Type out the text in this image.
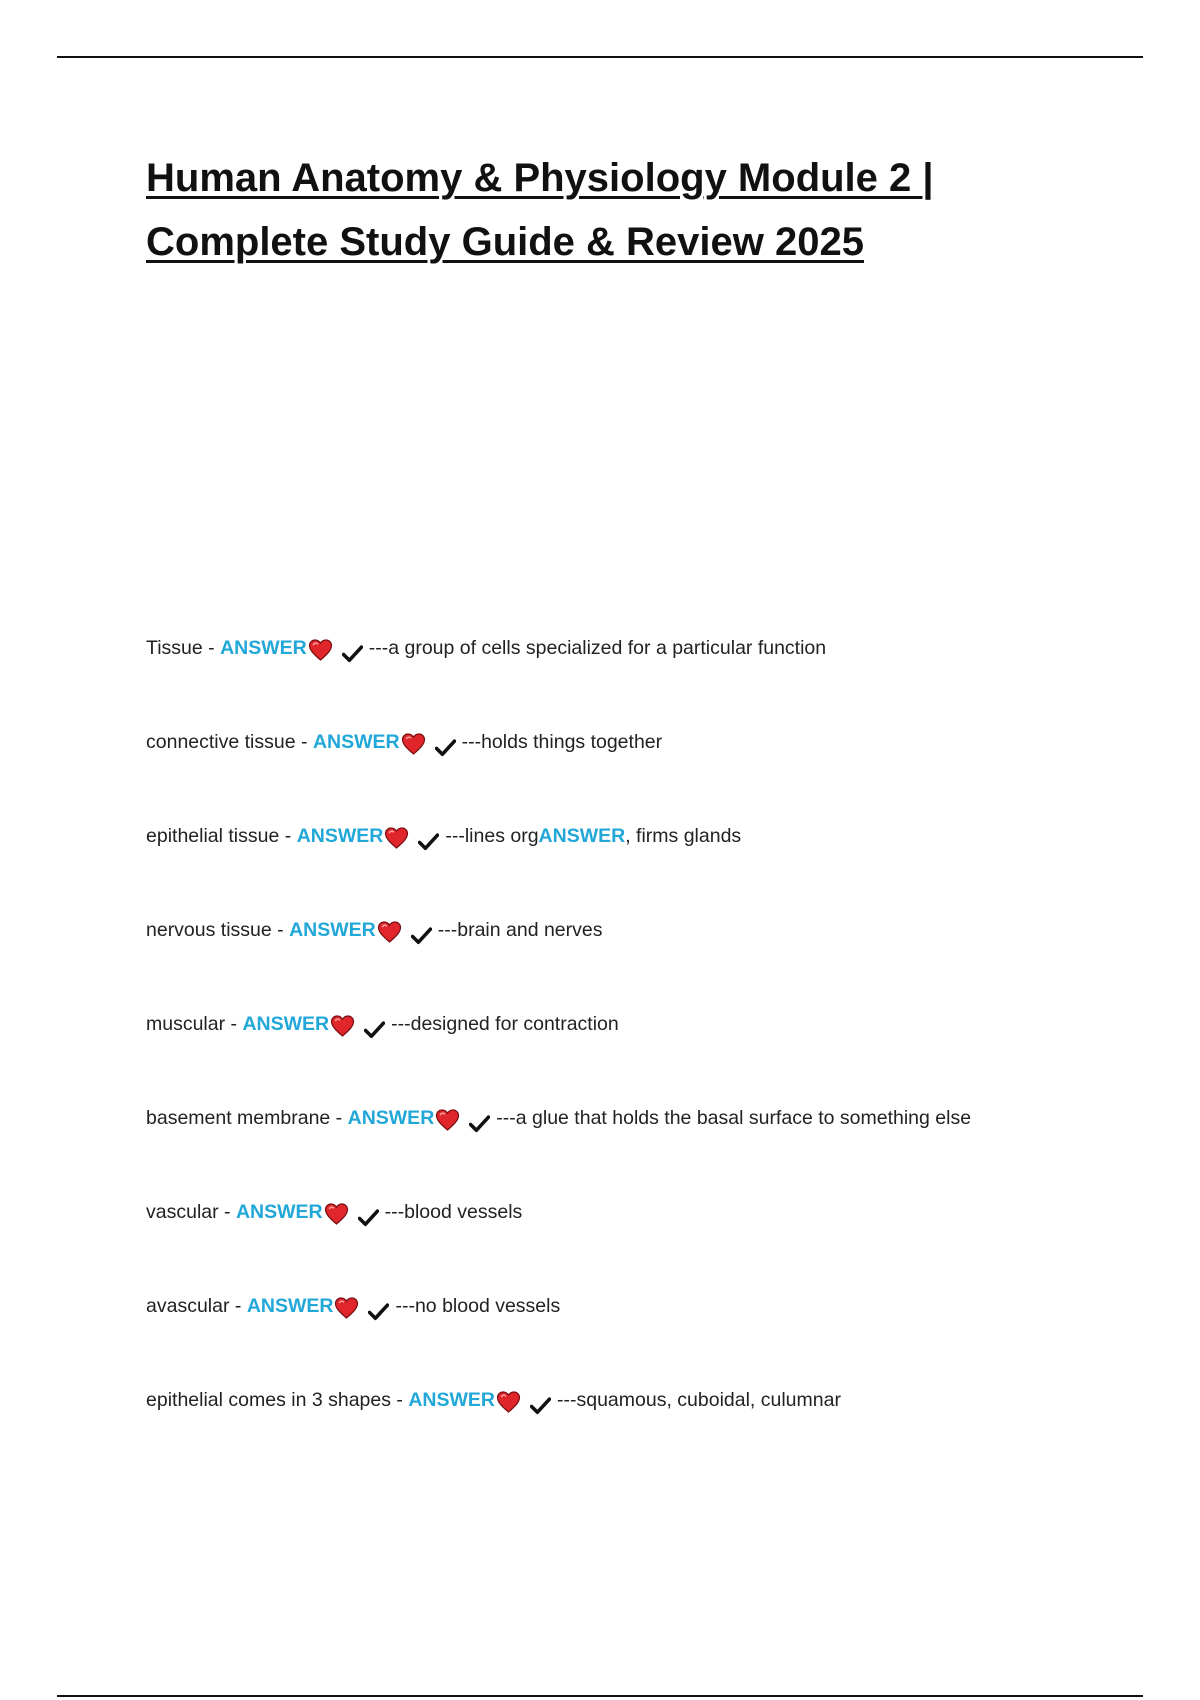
Human Anatomy & Physiology Module 2 |
Complete Study Guide & Review 2025
Tissue - ANSWER	---a group of cells specialized for a particular function
connective tissue - ANSWER	---holds things together
epithelial tissue - ANSWER	---lines org ANSWER , firms glands
nervous tissue - ANSWER	---brain and nerves
muscular - ANSWER	---designed for contraction
basement membrane - ANSWER	---a glue that holds the basal surface to something else
vascular - ANSWER	---blood vessels
avascular - ANSWER	---no blood vessels
epithelial comes in 3 shapes - ANSWER	---squamous, cuboidal, culumnar
